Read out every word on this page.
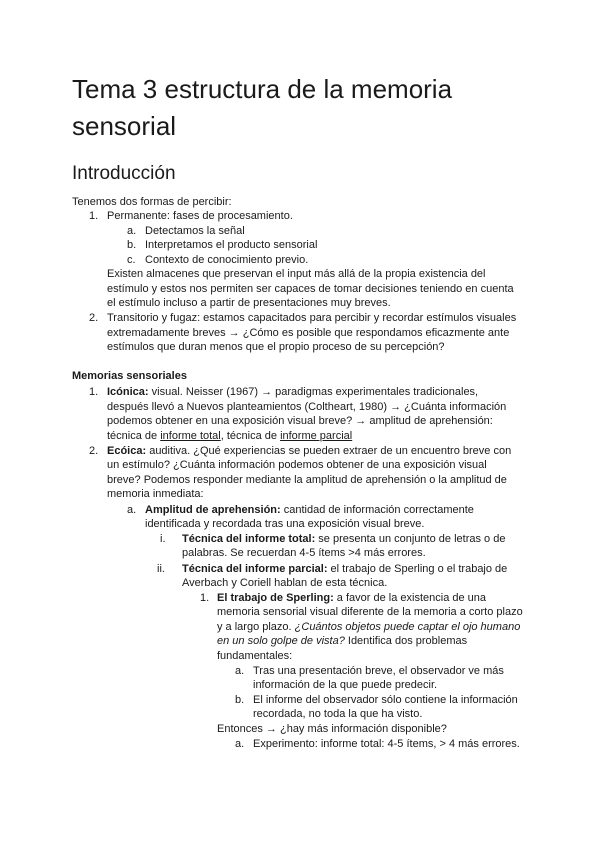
Tema 3 estructura de la memoria
sensorial
Introducción

Tenemos dos formas de percibir:

1. Permanente: fases de procesamiento.

a. Detectamos la señal

b. Interpretamos el producto sensorial

c. Contexto de conocimiento previo.

Existen almacenes que preservan el input más allá de la propia existencia del

estímulo y estos nos permiten ser capaces de tomar decisiones teniendo en cuenta

el estímulo incluso a partir de presentaciones muy breves.

2. Transitorio y fugaz: estamos capacitados para percibir y recordar estímulos visuales

extremadamente breves → ¿Cómo es posible que respondamos eficazmente ante

estímulos que duran menos que el propio proceso de su percepción?

Memorias sensoriales

1. Icónica: visual. Neisser (1967) → paradigmas experimentales tradicionales,

después llevó a Nuevos planteamientos (Coltheart, 1980) → ¿Cuánta información

podemos obtener en una exposición visual breve? → amplitud de aprehensión:

técnica de informe total, técnica de informe parcial

2. Ecóica: auditiva. ¿Qué experiencias se pueden extraer de un encuentro breve con

un estímulo? ¿Cuánta información podemos obtener de una exposición visual

breve? Podemos responder mediante la amplitud de aprehensión o la amplitud de

memoria inmediata:

a. Amplitud de aprehensión: cantidad de información correctamente

identificada y recordada tras una exposición visual breve.

i. Técnica del informe total: se presenta un conjunto de letras o de

palabras. Se recuerdan 4-5 ítems >4 más errores.

ii. Técnica del informe parcial: el trabajo de Sperling o el trabajo de

Averbach y Coriell hablan de esta técnica.

1. El trabajo de Sperling: a favor de la existencia de una

memoria sensorial visual diferente de la memoria a corto plazo

y a largo plazo. ¿Cuántos objetos puede captar el ojo humano

en un solo golpe de vista? Identifica dos problemas

fundamentales:

a. Tras una presentación breve, el observador ve más

información de la que puede predecir.

b. El informe del observador sólo contiene la información

recordada, no toda la que ha visto.

Entonces → ¿hay más información disponible?

a. Experimento: informe total: 4-5 ítems, > 4 más errores.
